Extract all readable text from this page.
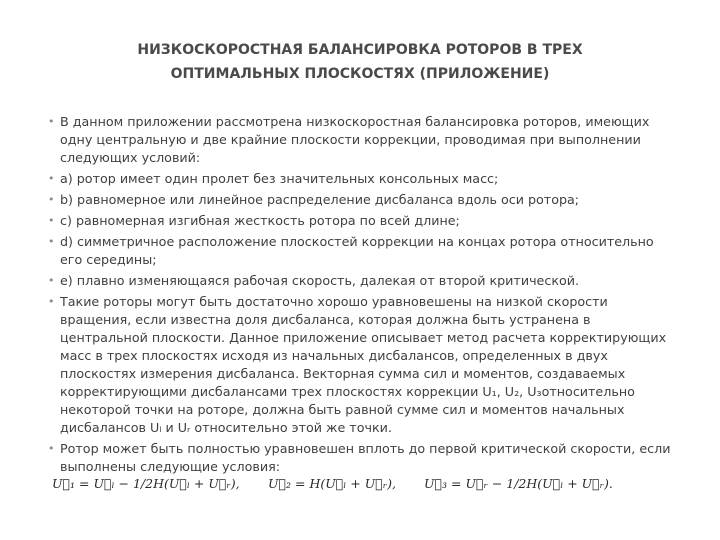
НИЗКОСКОРОСТНАЯ БАЛАНСИРОВКА РОТОРОВ В ТРЕХ
ОПТИМАЛЬНЫХ ПЛОСКОСТЯХ (ПРИЛОЖЕНИЕ)
• В данном приложении рассмотрена низкоскоростная балансировка роторов, имеющих одну центральную и две крайние плоскости коррекции, проводимая при выполнении следующих условий:
• a) ротор имеет один пролет без значительных консольных масс;
• b) равномерное или линейное распределение дисбаланса вдоль оси ротора;
• c) равномерная изгибная жесткость ротора по всей длине;
• d) симметричное расположение плоскостей коррекции на концах ротора относительно его середины;
• e) плавно изменяющаяся рабочая скорость, далекая от второй критической.
• Такие роторы могут быть достаточно хорошо уравновешены на низкой скорости вращения, если известна доля дисбаланса, которая должна быть устранена в центральной плоскости. Данное приложение описывает метод расчета корректирующих масс в трех плоскостях исходя из начальных дисбалансов, определенных в двух плоскостях измерения дисбаланса. Векторная сумма сил и моментов, создаваемых корректирующими дисбалансами трех плоскостях коррекции U₁, U₂, U₃относительно некоторой точки на роторе, должна быть равной сумме сил и моментов начальных дисбалансов Uₗ и Uᵣ относительно этой же точки.
• Ротор может быть полностью уравновешен вплоть до первой критической скорости, если выполнены следующие условия:
U⃗₁ = U⃗ₗ − 1/2H(U⃗ₗ + U⃗ᵣ), U⃗₂ = H(U⃗ₗ + U⃗ᵣ), U⃗₃ = U⃗ᵣ − 1/2H(U⃗ₗ + U⃗ᵣ).
